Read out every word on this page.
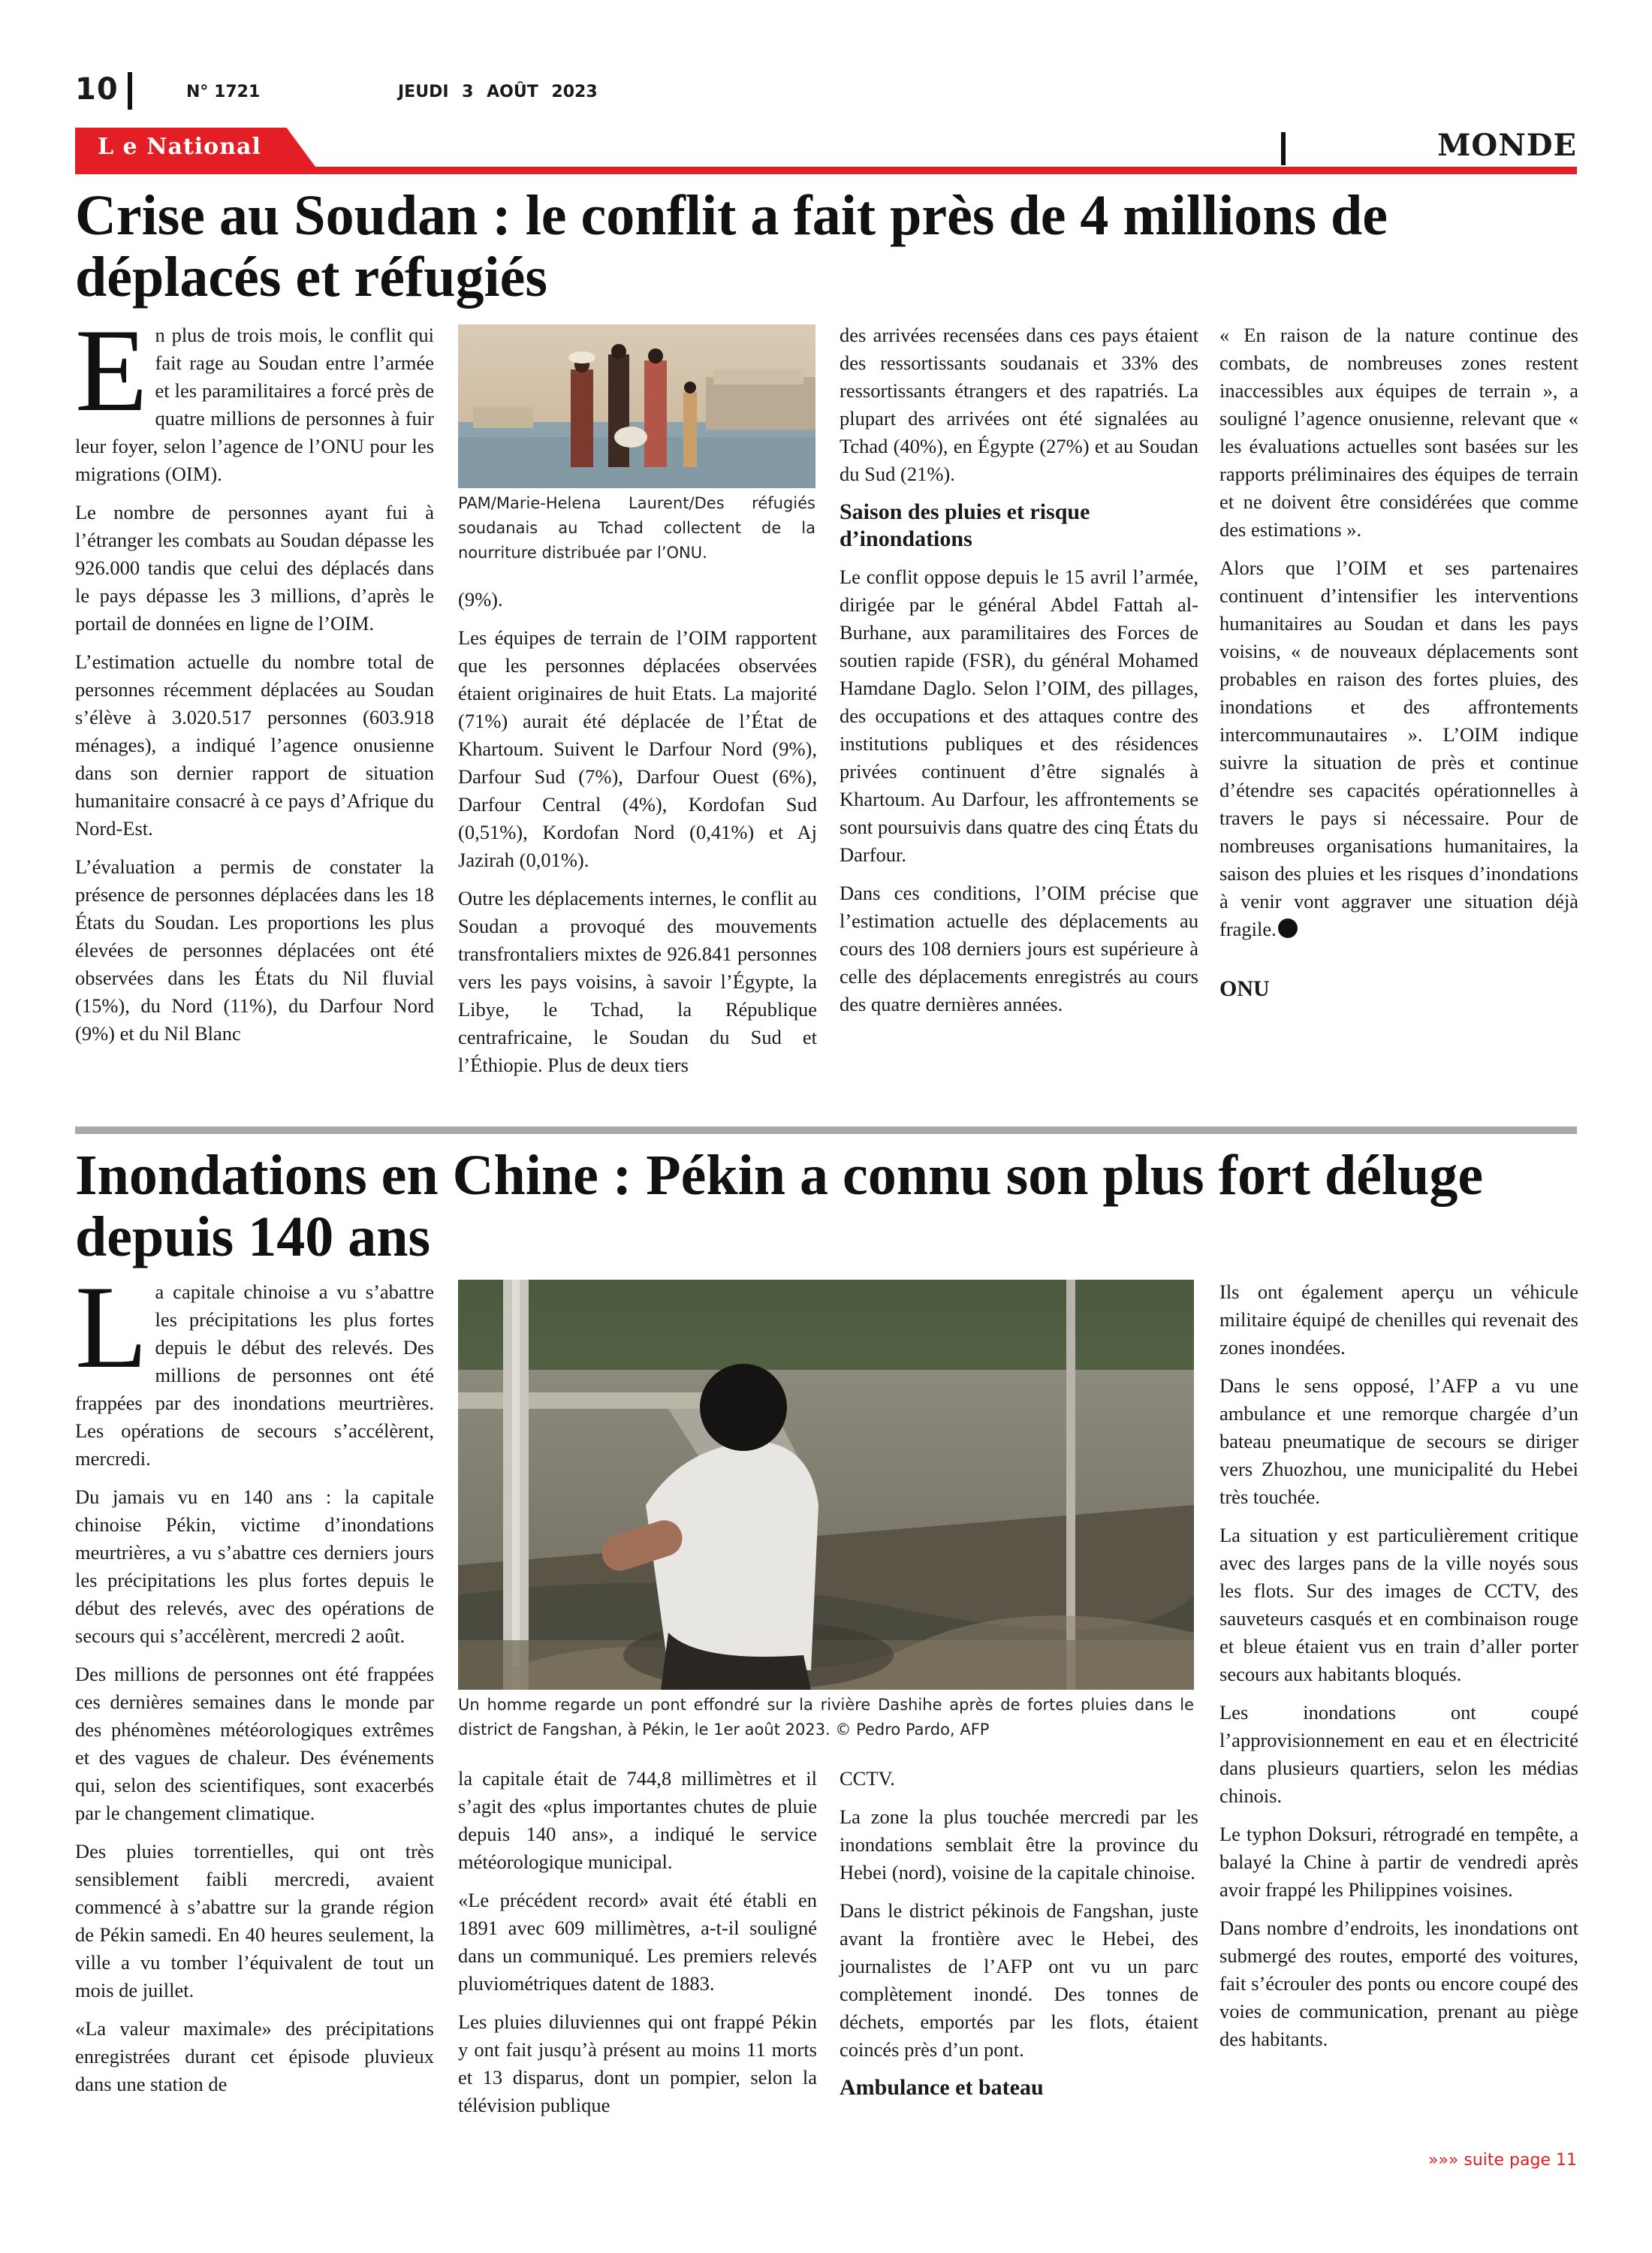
10	N° 1721	JEUDI 3 AOÛT 2023
L e National	MONDE
Crise au Soudan : le conflit a fait près de 4 millions de déplacés et réfugiés

En plus de trois mois, le conflit qui fait rage au Soudan entre l’armée et les paramilitaires a forcé près de quatre millions de personnes à fuir leur foyer, selon l’agence de l’ONU pour les migrations (OIM).

Le nombre de personnes ayant fui à l’étranger les combats au Soudan dépasse les 926.000 tandis que celui des déplacés dans le pays dépasse les 3 millions, d’après le portail de données en ligne de l’OIM.

L’estimation actuelle du nombre total de personnes récemment déplacées au Soudan s’élève à 3.020.517 personnes (603.918 ménages), a indiqué l’agence onusienne dans son dernier rapport de situation humanitaire consacré à ce pays d’Afrique du Nord-Est.

L’évaluation a permis de constater la présence de personnes déplacées dans les 18 États du Soudan. Les proportions les plus élevées de personnes déplacées ont été observées dans les États du Nil fluvial (15%), du Nord (11%), du Darfour Nord (9%) et du Nil Blanc

PAM/Marie-Helena Laurent/Des réfugiés soudanais au Tchad collectent de la nourriture distribuée par l’ONU.

(9%).

Les équipes de terrain de l’OIM rapportent que les personnes déplacées observées étaient originaires de huit Etats. La majorité (71%) aurait été déplacée de l’État de Khartoum. Suivent le Darfour Nord (9%), Darfour Sud (7%), Darfour Ouest (6%), Darfour Central (4%), Kordofan Sud (0,51%), Kordofan Nord (0,41%) et Aj Jazirah (0,01%).

Outre les déplacements internes, le conflit au Soudan a provoqué des mouvements transfrontaliers mixtes de 926.841 personnes vers les pays voisins, à savoir l’Égypte, la Libye, le Tchad, la République centrafricaine, le Soudan du Sud et l’Éthiopie. Plus de deux tiers

des arrivées recensées dans ces pays étaient des ressortissants soudanais et 33% des ressortissants étrangers et des rapatriés. La plupart des arrivées ont été signalées au Tchad (40%), en Égypte (27%) et au Soudan du Sud (21%).

Saison des pluies et risque d’inondations

Le conflit oppose depuis le 15 avril l’armée, dirigée par le général Abdel Fattah al-Burhane, aux paramilitaires des Forces de soutien rapide (FSR), du général Mohamed Hamdane Daglo. Selon l’OIM, des pillages, des occupations et des attaques contre des institutions publiques et des résidences privées continuent d’être signalés à Khartoum. Au Darfour, les affrontements se sont poursuivis dans quatre des cinq États du Darfour.

Dans ces conditions, l’OIM précise que l’estimation actuelle des déplacements au cours des 108 derniers jours est supérieure à celle des déplacements enregistrés au cours des quatre dernières années.

« En raison de la nature continue des combats, de nombreuses zones restent inaccessibles aux équipes de terrain », a souligné l’agence onusienne, relevant que « les évaluations actuelles sont basées sur les rapports préliminaires des équipes de terrain et ne doivent être considérées que comme des estimations ».

Alors que l’OIM et ses partenaires continuent d’intensifier les interventions humanitaires au Soudan et dans les pays voisins, « de nouveaux déplacements sont probables en raison des fortes pluies, des inondations et des affrontements intercommunautaires ». L’OIM indique suivre la situation de près et continue d’étendre ses capacités opérationnelles à travers le pays si nécessaire. Pour de nombreuses organisations humanitaires, la saison des pluies et les risques d’inondations à venir vont aggraver une situation déjà fragile.

ONU
Inondations en Chine : Pékin a connu son plus fort déluge depuis 140 ans

La capitale chinoise a vu s’abattre les précipitations les plus fortes depuis le début des relevés. Des millions de personnes ont été frappées par des inondations meurtrières. Les opérations de secours s’accélèrent, mercredi.

Du jamais vu en 140 ans : la capitale chinoise Pékin, victime d’inondations meurtrières, a vu s’abattre ces derniers jours les précipitations les plus fortes depuis le début des relevés, avec des opérations de secours qui s’accélèrent, mercredi 2 août.

Des millions de personnes ont été frappées ces dernières semaines dans le monde par des phénomènes météorologiques extrêmes et des vagues de chaleur. Des événements qui, selon des scientifiques, sont exacerbés par le changement climatique.

Des pluies torrentielles, qui ont très sensiblement faibli mercredi, avaient commencé à s’abattre sur la grande région de Pékin samedi. En 40 heures seulement, la ville a vu tomber l’équivalent de tout un mois de juillet.

«La valeur maximale» des précipitations enregistrées durant cet épisode pluvieux dans une station de

Un homme regarde un pont effondré sur la rivière Dashihe après de fortes pluies dans le district de Fangshan, à Pékin, le 1er août 2023. © Pedro Pardo, AFP

la capitale était de 744,8 millimètres et il s’agit des «plus importantes chutes de pluie depuis 140 ans», a indiqué le service météorologique municipal.

«Le précédent record» avait été établi en 1891 avec 609 millimètres, a-t-il souligné dans un communiqué. Les premiers relevés pluviométriques datent de 1883.

Les pluies diluviennes qui ont frappé Pékin y ont fait jusqu’à présent au moins 11 morts et 13 disparus, dont un pompier, selon la télévision publique

CCTV.

La zone la plus touchée mercredi par les inondations semblait être la province du Hebei (nord), voisine de la capitale chinoise.

Dans le district pékinois de Fangshan, juste avant la frontière avec le Hebei, des journalistes de l’AFP ont vu un parc complètement inondé. Des tonnes de déchets, emportés par les flots, étaient coincés près d’un pont.

Ambulance et bateau

Ils ont également aperçu un véhicule militaire équipé de chenilles qui revenait des zones inondées.

Dans le sens opposé, l’AFP a vu une ambulance et une remorque chargée d’un bateau pneumatique de secours se diriger vers Zhuozhou, une municipalité du Hebei très touchée.

La situation y est particulièrement critique avec des larges pans de la ville noyés sous les flots. Sur des images de CCTV, des sauveteurs casqués et en combinaison rouge et bleue étaient vus en train d’aller porter secours aux habitants bloqués.

Les inondations ont coupé l’approvisionnement en eau et en électricité dans plusieurs quartiers, selon les médias chinois.

Le typhon Doksuri, rétrogradé en tempête, a balayé la Chine à partir de vendredi après avoir frappé les Philippines voisines.

Dans nombre d’endroits, les inondations ont submergé des routes, emporté des voitures, fait s’écrouler des ponts ou encore coupé des voies de communication, prenant au piège des habitants.

»»» suite page 11
